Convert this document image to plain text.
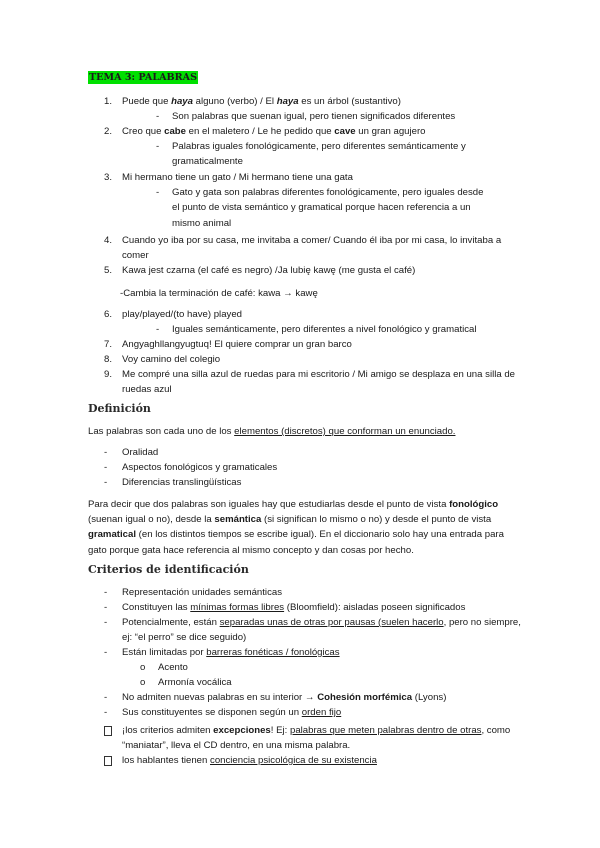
TEMA 3: PALABRAS
1. Puede que haya alguno (verbo) / El haya es un árbol (sustantivo)
- Son palabras que suenan igual, pero tienen significados diferentes
2. Creo que cabe en el maletero / Le he pedido que cave un gran agujero
- Palabras iguales fonológicamente, pero diferentes semánticamente y gramaticalmente
3. Mi hermano tiene un gato / Mi hermano tiene una gata
- Gato y gata son palabras diferentes fonológicamente, pero iguales desde el punto de vista semántico y gramatical porque hacen referencia a un mismo animal
4. Cuando yo iba por su casa, me invitaba a comer/ Cuando él iba por mi casa, lo invitaba a comer
5. Kawa jest czarna (el café es negro) /Ja lubię kawę (me gusta el café)
-Cambia la terminación de café: kawa → kawę
6. play/played/(to have) played
- Iguales semánticamente, pero diferentes a nivel fonológico y gramatical
7. Angyaghllangyugtuq! El quiere comprar un gran barco
8. Voy camino del colegio
9. Me compré una silla azul de ruedas para mi escritorio / Mi amigo se desplaza en una silla de ruedas azul
Definición
Las palabras son cada uno de los elementos (discretos) que conforman un enunciado.
- Oralidad
- Aspectos fonológicos y gramaticales
- Diferencias translingüísticas
Para decir que dos palabras son iguales hay que estudiarlas desde el punto de vista fonológico (suenan igual o no), desde la semántica (si significan lo mismo o no) y desde el punto de vista gramatical (en los distintos tiempos se escribe igual). En el diccionario solo hay una entrada para gato porque gata hace referencia al mismo concepto y dan cosas por hecho.
Criterios de identificación
- Representación unidades semánticas
- Constituyen las mínimas formas libres (Bloomfield): aisladas poseen significados
- Potencialmente, están separadas unas de otras por pausas (suelen hacerlo, pero no siempre, ej: “el perro” se dice seguido)
- Están limitadas por barreras fonéticas / fonológicas
o Acento
o Armonía vocálica
- No admiten nuevas palabras en su interior → Cohesión morfémica (Lyons)
- Sus constituyentes se disponen según un orden fijo
¡los criterios admiten excepciones! Ej: palabras que meten palabras dentro de otras, como “maniatar”, lleva el CD dentro, en una misma palabra.
los hablantes tienen conciencia psicológica de su existencia
